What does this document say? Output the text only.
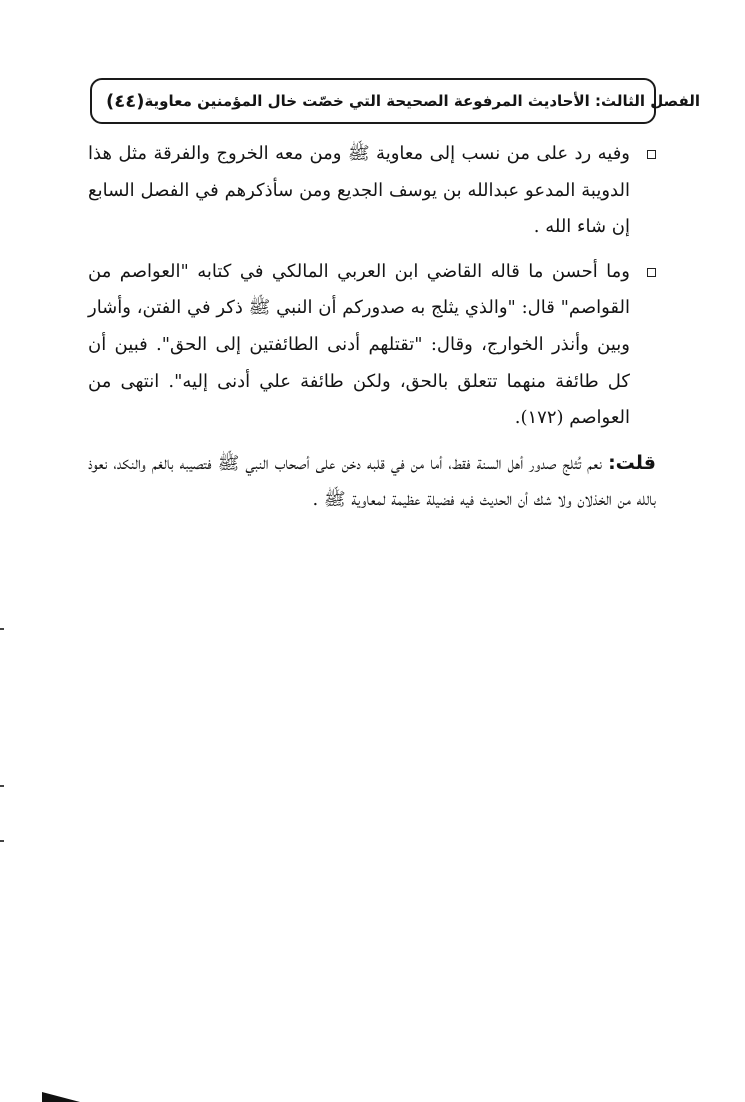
(٤٤) الفصل الثالث: الأحاديث المرفوعة الصحيحة التي خصّت خال المؤمنين معاوية

وفيه رد على من نسب إلى معاوية ﷺ ومن معه الخروج والفرقة مثل هذا الدويبة المدعو عبدالله بن يوسف الجديع ومن سأذكرهم في الفصل السابع إن شاء الله .

وما أحسن ما قاله القاضي ابن العربي المالكي في كتابه "العواصم من القواصم" قال: "والذي يثلج به صدوركم أن النبي ﷺ ذكر في الفتن، وأشار وبين وأنذر الخوارج، وقال: "تقتلهم أدنى الطائفتين إلى الحق". فبين أن كل طائفة منهما تتعلق بالحق، ولكن طائفة علي أدنى إليه". انتهى من العواصم (١٧٢).

قلت: نعم تُثلج صدور أهل السنة فقط، أما من في قلبه دخن على أصحاب النبي ﷺ فتصيبه بالغم والنكد، نعوذ بالله من الخذلان ولا شك أن الحديث فيه فضيلة عظيمة لمعاوية ﷺ .
